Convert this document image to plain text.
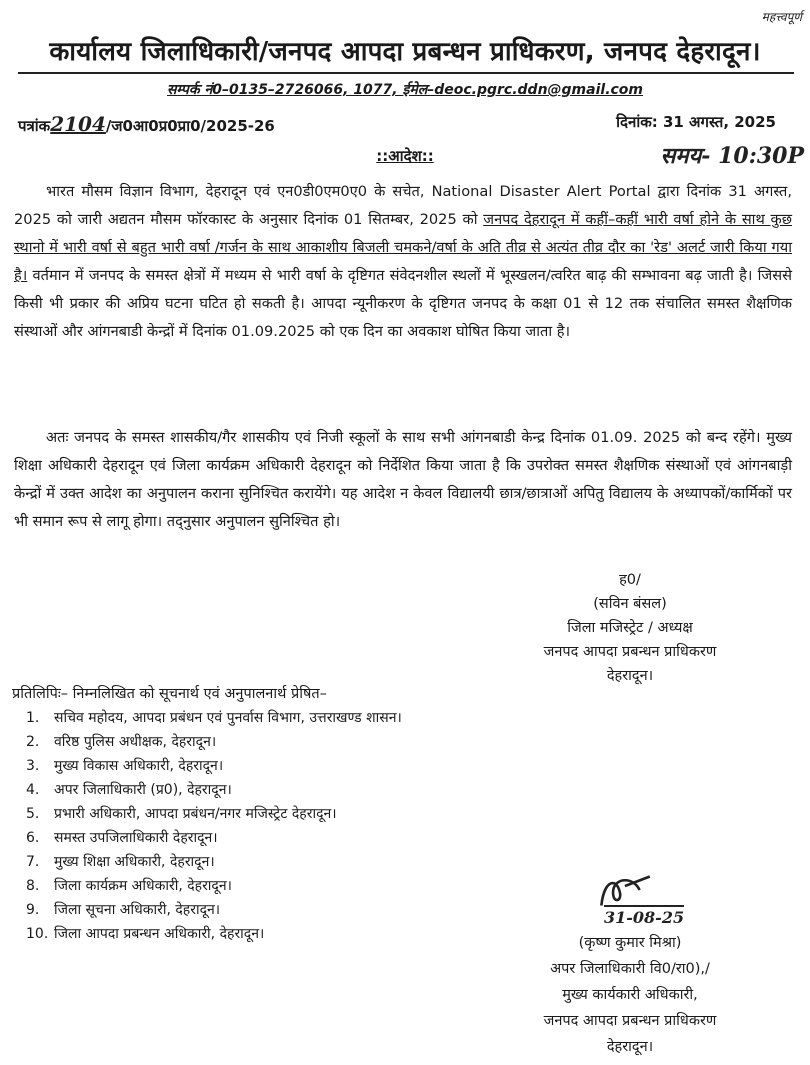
महत्त्वपूर्ण
कार्यालय जिलाधिकारी/जनपद आपदा प्रबन्धन प्राधिकरण, जनपद देहरादून।
सम्पर्क नं0–0135–2726066, 1077, ईमेल–deoc.pgrc.ddn@gmail.com
पत्रांक2104/ज0आ0प्र0प्रा0/2025-26	दिनांक: 31 अगस्त, 2025
समय- 10:30P
::आदेश::

भारत मौसम विज्ञान विभाग, देहरादून एवं एन0डी0एम0ए0 के सचेत, National Disaster Alert Portal द्वारा दिनांक 31 अगस्त, 2025 को जारी अद्यतन मौसम फॉरकास्ट के अनुसार दिनांक 01 सितम्बर, 2025 को जनपद देहरादून में कहीं–कहीं भारी वर्षा होने के साथ कुछ स्थानो में भारी वर्षा से बहुत भारी वर्षा /गर्जन के साथ आकाशीय बिजली चमकने/वर्षा के अति तीव्र से अत्यंत तीव्र दौर का 'रेड' अलर्ट जारी किया गया है। वर्तमान में जनपद के समस्त क्षेत्रों में मध्यम से भारी वर्षा के दृष्टिगत संवेदनशील स्थलों में भूस्खलन/त्वरित बाढ़ की सम्भावना बढ़ जाती है। जिससे किसी भी प्रकार की अप्रिय घटना घटित हो सकती है। आपदा न्यूनीकरण के दृष्टिगत जनपद के कक्षा 01 से 12 तक संचालित समस्त शैक्षणिक संस्थाओं और आंगनबाडी केन्द्रों में दिनांक 01.09.2025 को एक दिन का अवकाश घोषित किया जाता है।

अतः जनपद के समस्त शासकीय/गैर शासकीय एवं निजी स्कूलों के साथ सभी आंगनबाडी केन्द्र दिनांक 01.09. 2025 को बन्द रहेंगे। मुख्य शिक्षा अधिकारी देहरादून एवं जिला कार्यक्रम अधिकारी देहरादून को निर्देशित किया जाता है कि उपरोक्त समस्त शैक्षणिक संस्थाओं एवं आंगनबाड़ी केन्द्रों में उक्त आदेश का अनुपालन कराना सुनिश्चित करायेंगे। यह आदेश न केवल विद्यालयी छात्र/छात्राओं अपितु विद्यालय के अध्यापकों/कार्मिकों पर भी समान रूप से लागू होगा। तद्नुसार अनुपालन सुनिश्चित हो।

ह0/
(सविन बंसल)
जिला मजिस्ट्रेट / अध्यक्ष
जनपद आपदा प्रबन्धन प्राधिकरण
देहरादून।
प्रतिलिपिः– निम्नलिखित को सूचनार्थ एवं अनुपालनार्थ प्रेषित–
1.	सचिव महोदय, आपदा प्रबंधन एवं पुनर्वास विभाग, उत्तराखण्ड शासन।
2.	वरिष्ठ पुलिस अधीक्षक, देहरादून।
3.	मुख्य विकास अधिकारी, देहरादून।
4.	अपर जिलाधिकारी (प्र0), देहरादून।
5.	प्रभारी अधिकारी, आपदा प्रबंधन/नगर मजिस्ट्रेट देहरादून।
6.	समस्त उपजिलाधिकारी देहरादून।
7.	मुख्य शिक्षा अधिकारी, देहरादून।
8.	जिला कार्यक्रम अधिकारी, देहरादून।
9.	जिला सूचना अधिकारी, देहरादून।
10. जिला आपदा प्रबन्धन अधिकारी, देहरादून।
31-08-25
(कृष्ण कुमार मिश्रा)
अपर जिलाधिकारी वि0/रा0),/
मुख्य कार्यकारी अधिकारी,
जनपद आपदा प्रबन्धन प्राधिकरण
देहरादून।
